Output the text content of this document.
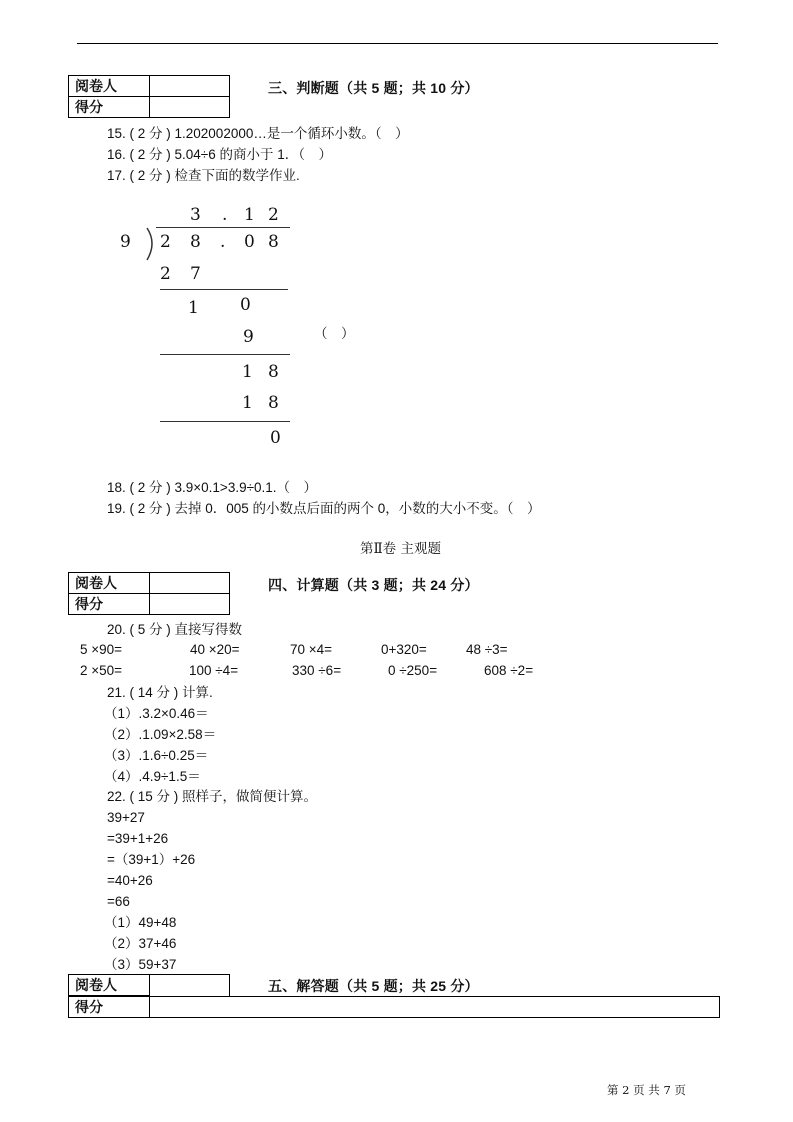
阅卷人	
得分	
三、判断题（共 5 题；共 10 分）
15. ( 2 分 ) 1.202002000…是一个循环小数。（　）
16. ( 2 分 ) 5.04÷6 的商小于 1．（　）
17. ( 2 分 ) 检查下面的数学作业.
3 . 1 2
9 2 8 . 0 8
2 7
1 0
9
1 8
1 8
0
（　）
18. ( 2 分 ) 3.9×0.1>3.9÷0.1.（　）
19. ( 2 分 ) 去掉 0．005 的小数点后面的两个 0，小数的大小不变。（　）
第Ⅱ卷 主观题
阅卷人	
得分	
四、计算题（共 3 题；共 24 分）
20. ( 5 分 ) 直接写得数
5 ×90=	40 ×20=	70 ×4=	0+320=	48 ÷3=
2 ×50=	100 ÷4=	330 ÷6=	0 ÷250=	608 ÷2=
21. ( 14 分 ) 计算.
（1）.3.2×0.46＝
（2）.1.09×2.58＝
（3）.1.6÷0.25＝
（4）.4.9÷1.5＝
22. ( 15 分 ) 照样子，做简便计算。
39+27
=39+1+26
=（39+1）+26
=40+26
=66
（1）49+48
（2）37+46
（3）59+37
阅卷人	
得分	
五、解答题（共 5 题；共 25 分）
第 2 页 共 7 页
